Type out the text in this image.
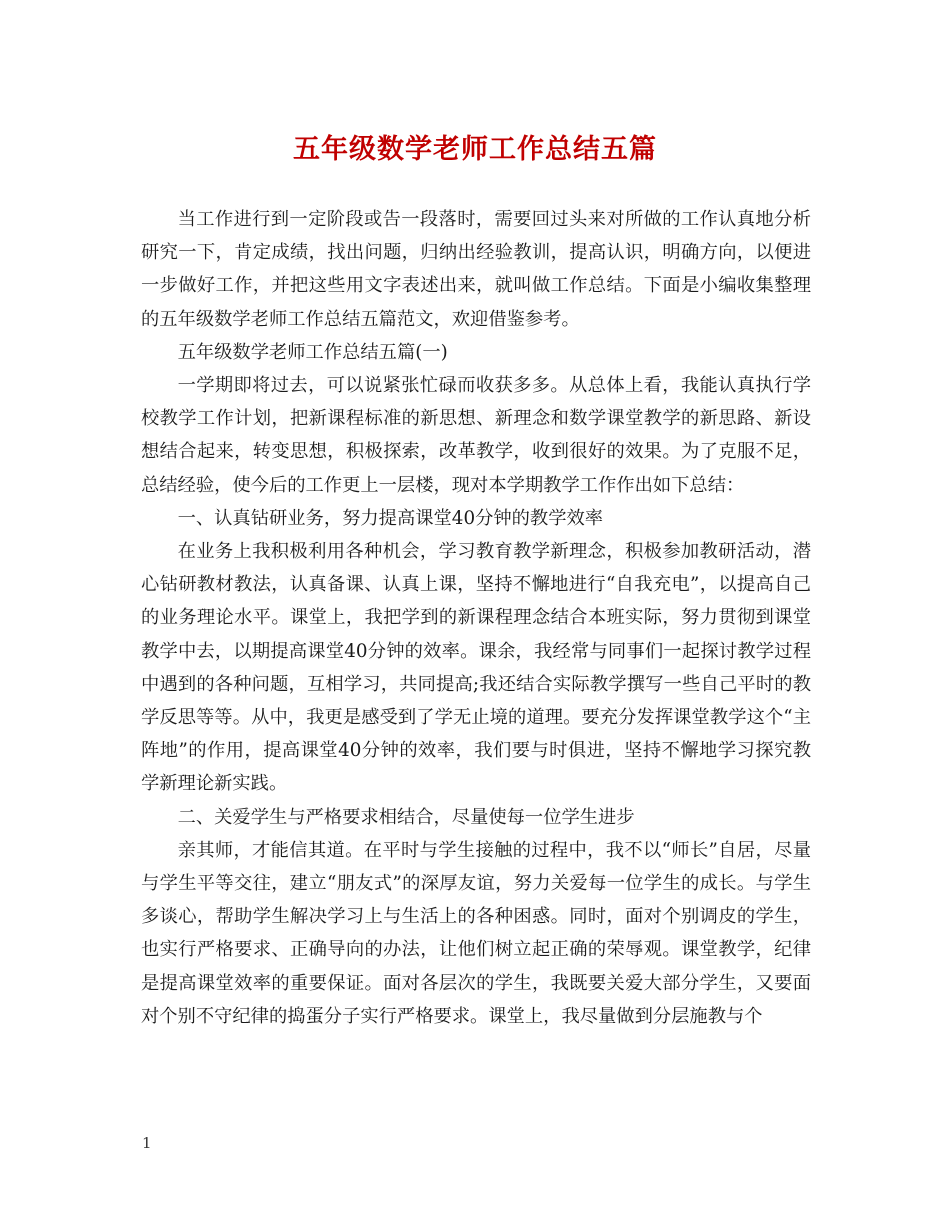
五年级数学老师工作总结五篇

当工作进行到一定阶段或告一段落时，需要回过头来对所做的工作认真地分析研究一下，肯定成绩，找出问题，归纳出经验教训，提高认识，明确方向，以便进一步做好工作，并把这些用文字表述出来，就叫做工作总结。下面是小编收集整理的五年级数学老师工作总结五篇范文，欢迎借鉴参考。

五年级数学老师工作总结五篇(一)

一学期即将过去，可以说紧张忙碌而收获多多。从总体上看，我能认真执行学校教学工作计划，把新课程标准的新思想、新理念和数学课堂教学的新思路、新设想结合起来，转变思想，积极探索，改革教学，收到很好的效果。为了克服不足，总结经验，使今后的工作更上一层楼，现对本学期教学工作作出如下总结：

一、认真钻研业务，努力提高课堂40分钟的教学效率

在业务上我积极利用各种机会，学习教育教学新理念，积极参加教研活动，潜心钻研教材教法，认真备课、认真上课，坚持不懈地进行“自我充电”，以提高自己的业务理论水平。课堂上，我把学到的新课程理念结合本班实际，努力贯彻到课堂教学中去，以期提高课堂40分钟的效率。课余，我经常与同事们一起探讨教学过程中遇到的各种问题，互相学习，共同提高;我还结合实际教学撰写一些自己平时的教学反思等等。从中，我更是感受到了学无止境的道理。要充分发挥课堂教学这个“主阵地”的作用，提高课堂40分钟的效率，我们要与时俱进，坚持不懈地学习探究教学新理论新实践。

二、关爱学生与严格要求相结合，尽量使每一位学生进步

亲其师，才能信其道。在平时与学生接触的过程中，我不以“师长”自居，尽量与学生平等交往，建立“朋友式”的深厚友谊，努力关爱每一位学生的成长。与学生多谈心，帮助学生解决学习上与生活上的各种困惑。同时，面对个别调皮的学生，也实行严格要求、正确导向的办法，让他们树立起正确的荣辱观。课堂教学，纪律是提高课堂效率的重要保证。面对各层次的学生，我既要关爱大部分学生，又要面对个别不守纪律的捣蛋分子实行严格要求。课堂上，我尽量做到分层施教与个

1
